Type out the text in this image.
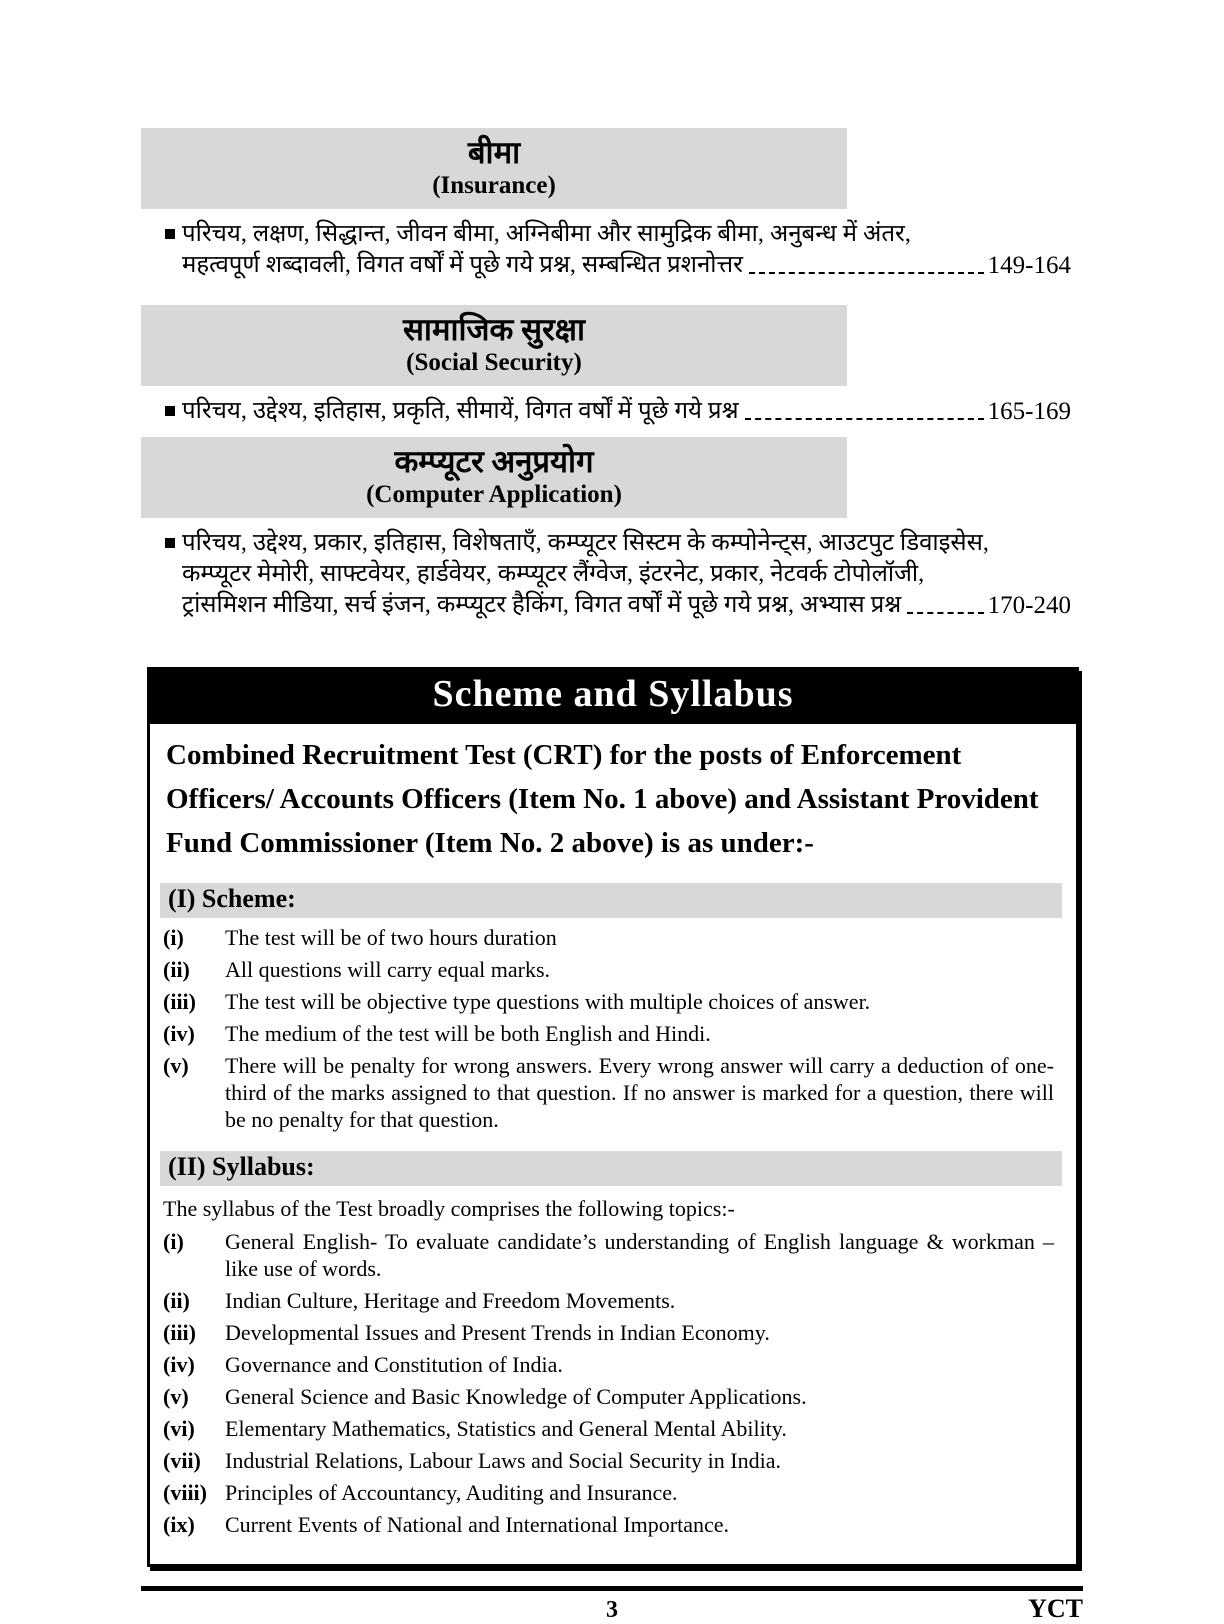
बीमा
(Insurance)
परिचय, लक्षण, सिद्धान्त, जीवन बीमा, अग्निबीमा और सामुद्रिक बीमा, अनुबन्ध में अंतर,
महत्वपूर्ण शब्दावली, विगत वर्षों में पूछे गये प्रश्न, सम्बन्धित प्रशनोत्तर	149-164
सामाजिक सुरक्षा
(Social Security)
परिचय, उद्देश्य, इतिहास, प्रकृति, सीमायें, विगत वर्षों में पूछे गये प्रश्न	165-169
कम्प्यूटर अनुप्रयोग
(Computer Application)
परिचय, उद्देश्य, प्रकार, इतिहास, विशेषताएँ, कम्प्यूटर सिस्टम के कम्पोनेन्ट्स, आउटपुट डिवाइसेस,
कम्प्यूटर मेमोरी, साफ्टवेयर, हार्डवेयर, कम्प्यूटर लैंग्वेज, इंटरनेट, प्रकार, नेटवर्क टोपोलॉजी,
ट्रांसमिशन मीडिया, सर्च इंजन, कम्प्यूटर हैकिंग, विगत वर्षों में पूछे गये प्रश्न, अभ्यास प्रश्न	170-240
Scheme and Syllabus
Combined Recruitment Test (CRT) for the posts of Enforcement Officers/ Accounts Officers (Item No. 1 above) and Assistant Provident Fund Commissioner (Item No. 2 above) is as under:-
(I) Scheme:
(i)	The test will be of two hours duration
(ii)	All questions will carry equal marks.
(iii)	The test will be objective type questions with multiple choices of answer.
(iv)	The medium of the test will be both English and Hindi.
(v)	There will be penalty for wrong answers. Every wrong answer will carry a deduction of one-third of the marks assigned to that question. If no answer is marked for a question, there will be no penalty for that question.
(II) Syllabus:
The syllabus of the Test broadly comprises the following topics:-
(i)	General English- To evaluate candidate’s understanding of English language & workman – like use of words.
(ii)	Indian Culture, Heritage and Freedom Movements.
(iii)	Developmental Issues and Present Trends in Indian Economy.
(iv)	Governance and Constitution of India.
(v)	General Science and Basic Knowledge of Computer Applications.
(vi)	Elementary Mathematics, Statistics and General Mental Ability.
(vii)	Industrial Relations, Labour Laws and Social Security in India.
(viii) Principles of Accountancy, Auditing and Insurance.
(ix)	Current Events of National and International Importance.
3	YCT
